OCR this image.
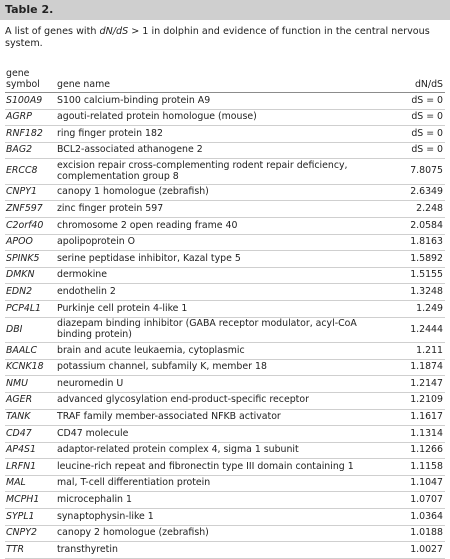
Table 2.
A list of genes with dN/dS > 1 in dolphin and evidence of function in the central nervous system.
gene symbol	gene name	dN/dS
S100A9	S100 calcium-binding protein A9	dS = 0
AGRP	agouti-related protein homologue (mouse)	dS = 0
RNF182	ring finger protein 182	dS = 0
BAG2	BCL2-associated athanogene 2	dS = 0
ERCC8	excision repair cross-complementing rodent repair deficiency, complementation group 8	7.8075
CNPY1	canopy 1 homologue (zebrafish)	2.6349
ZNF597	zinc finger protein 597	2.248
C2orf40	chromosome 2 open reading frame 40	2.0584
APOO	apolipoprotein O	1.8163
SPINK5	serine peptidase inhibitor, Kazal type 5	1.5892
DMKN	dermokine	1.5155
EDN2	endothelin 2	1.3248
PCP4L1	Purkinje cell protein 4-like 1	1.249
DBI	diazepam binding inhibitor (GABA receptor modulator, acyl-CoA binding protein)	1.2444
BAALC	brain and acute leukaemia, cytoplasmic	1.211
KCNK18	potassium channel, subfamily K, member 18	1.1874
NMU	neuromedin U	1.2147
AGER	advanced glycosylation end-product-specific receptor	1.2109
TANK	TRAF family member-associated NFKB activator	1.1617
CD47	CD47 molecule	1.1314
AP4S1	adaptor-related protein complex 4, sigma 1 subunit	1.1266
LRFN1	leucine-rich repeat and fibronectin type III domain containing 1	1.1158
MAL	mal, T-cell differentiation protein	1.1047
MCPH1	microcephalin 1	1.0707
SYPL1	synaptophysin-like 1	1.0364
CNPY2	canopy 2 homologue (zebrafish)	1.0188
TTR	transthyretin	1.0027
